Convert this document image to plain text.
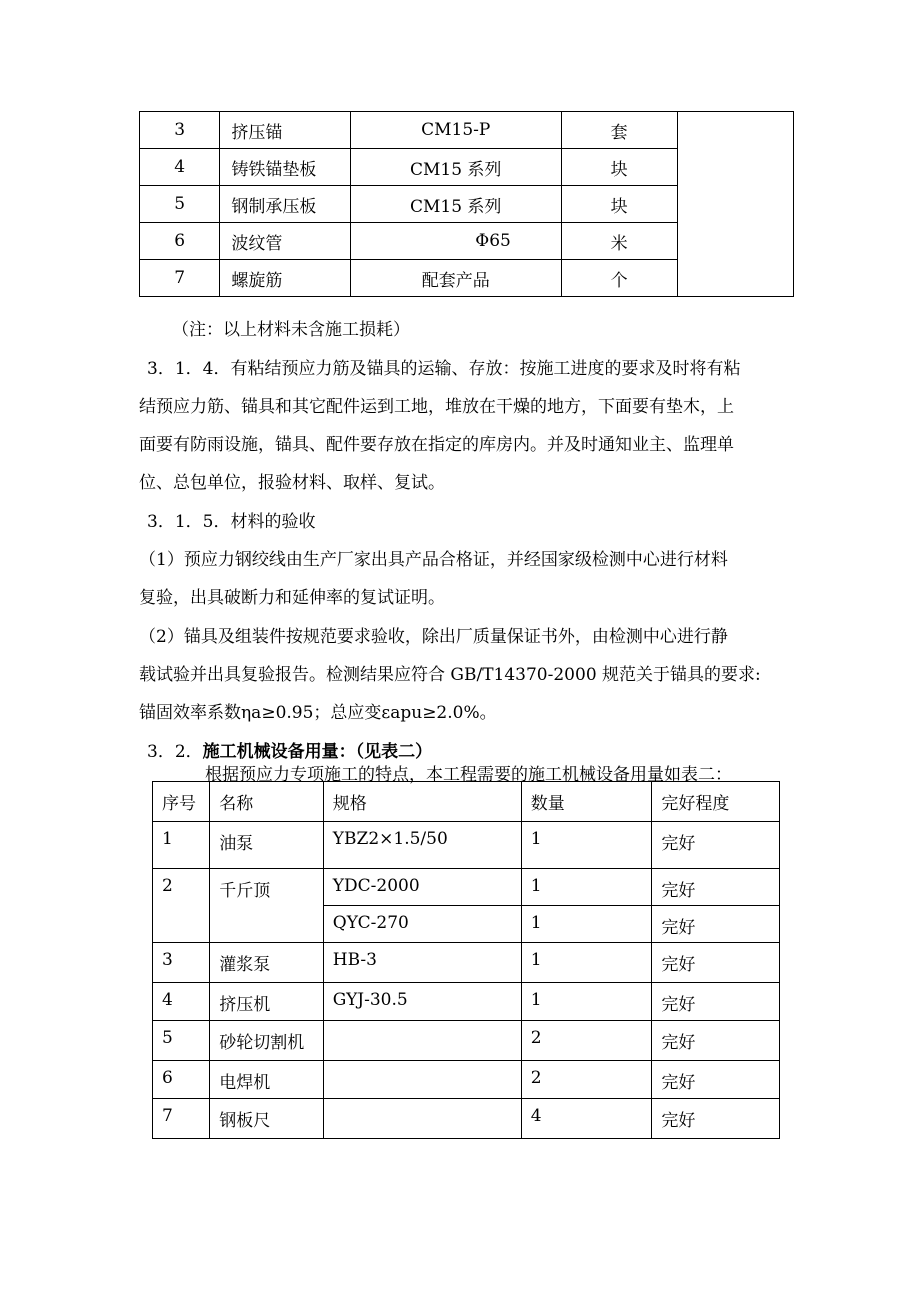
3	挤压锚	CM15-P	套	
4	铸铁锚垫板	CM15 系列	块	
5	钢制承压板	CM15 系列	块	
6	波纹管	Φ65	米	
7	螺旋筋	配套产品	个	
（注：以上材料未含施工损耗）
3．1．4．有粘结预应力筋及锚具的运输、存放：按施工进度的要求及时将有粘
结预应力筋、锚具和其它配件运到工地，堆放在干燥的地方，下面要有垫木，上
面要有防雨设施，锚具、配件要存放在指定的库房内。并及时通知业主、监理单
位、总包单位，报验材料、取样、复试。
3．1．5．材料的验收
（1）预应力钢绞线由生产厂家出具产品合格证，并经国家级检测中心进行材料
复验，出具破断力和延伸率的复试证明。
（2）锚具及组装件按规范要求验收，除出厂质量保证书外，由检测中心进行静
载试验并出具复验报告。检测结果应符合 GB/T14370-2000 规范关于锚具的要求:
锚固效率系数ηa≥0.95；总应变εapu≥2.0%。
3．2．施工机械设备用量：（见表二）
根据预应力专项施工的特点，本工程需要的施工机械设备用量如表二：
序号	名称	规格	数量	完好程度
1	油泵	YBZ2×1.5/50	1	完好
2	千斤顶	YDC-2000	1	完好
		QYC-270	1	完好
3	灌浆泵	HB-3	1	完好
4	挤压机	GYJ-30.5	1	完好
5	砂轮切割机		2	完好
6	电焊机		2	完好
7	钢板尺		4	完好
